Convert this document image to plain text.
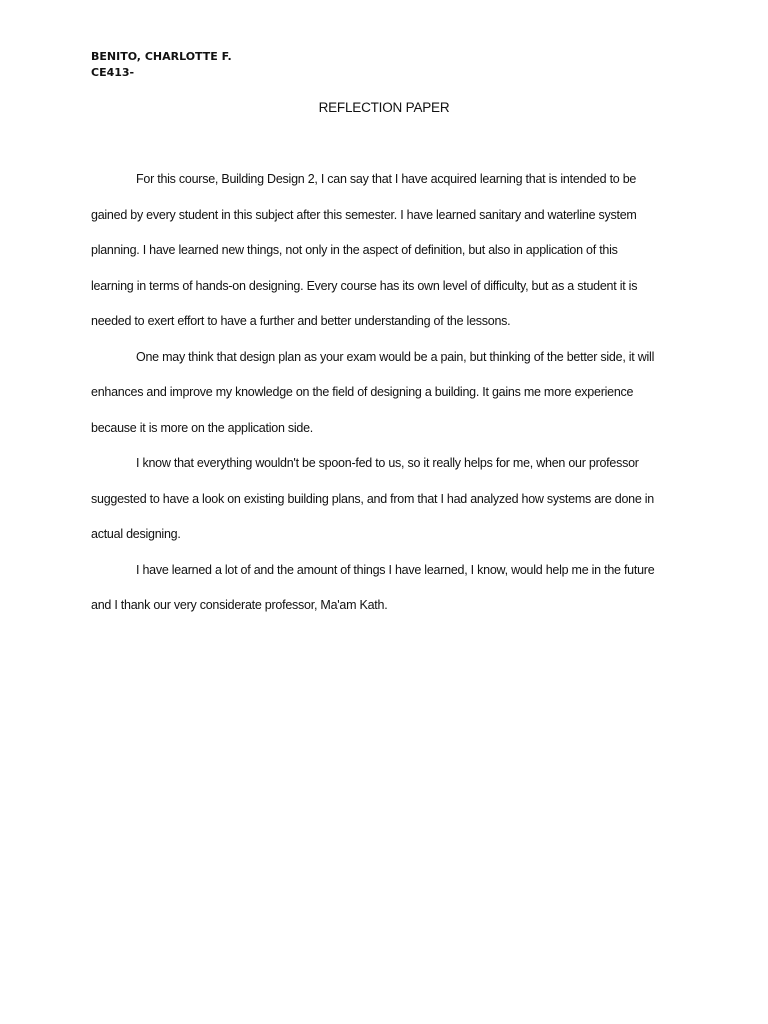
BENITO, CHARLOTTE F.
CE413-
REFLECTION PAPER
For this course, Building Design 2, I can say that I have acquired learning that is intended to be
gained by every student in this subject after this semester. I have learned sanitary and waterline system
planning. I have learned new things, not only in the aspect of definition, but also in application of this
learning in terms of hands-on designing. Every course has its own level of difficulty, but as a student it is
needed to exert effort to have a further and better understanding of the lessons.
One may think that design plan as your exam would be a pain, but thinking of the better side, it will
enhances and improve my knowledge on the field of designing a building. It gains me more experience
because it is more on the application side.
I know that everything wouldn't be spoon-fed to us, so it really helps for me, when our professor
suggested to have a look on existing building plans, and from that I had analyzed how systems are done in
actual designing.
I have learned a lot of and the amount of things I have learned, I know, would help me in the future
and I thank our very considerate professor, Ma'am Kath.
